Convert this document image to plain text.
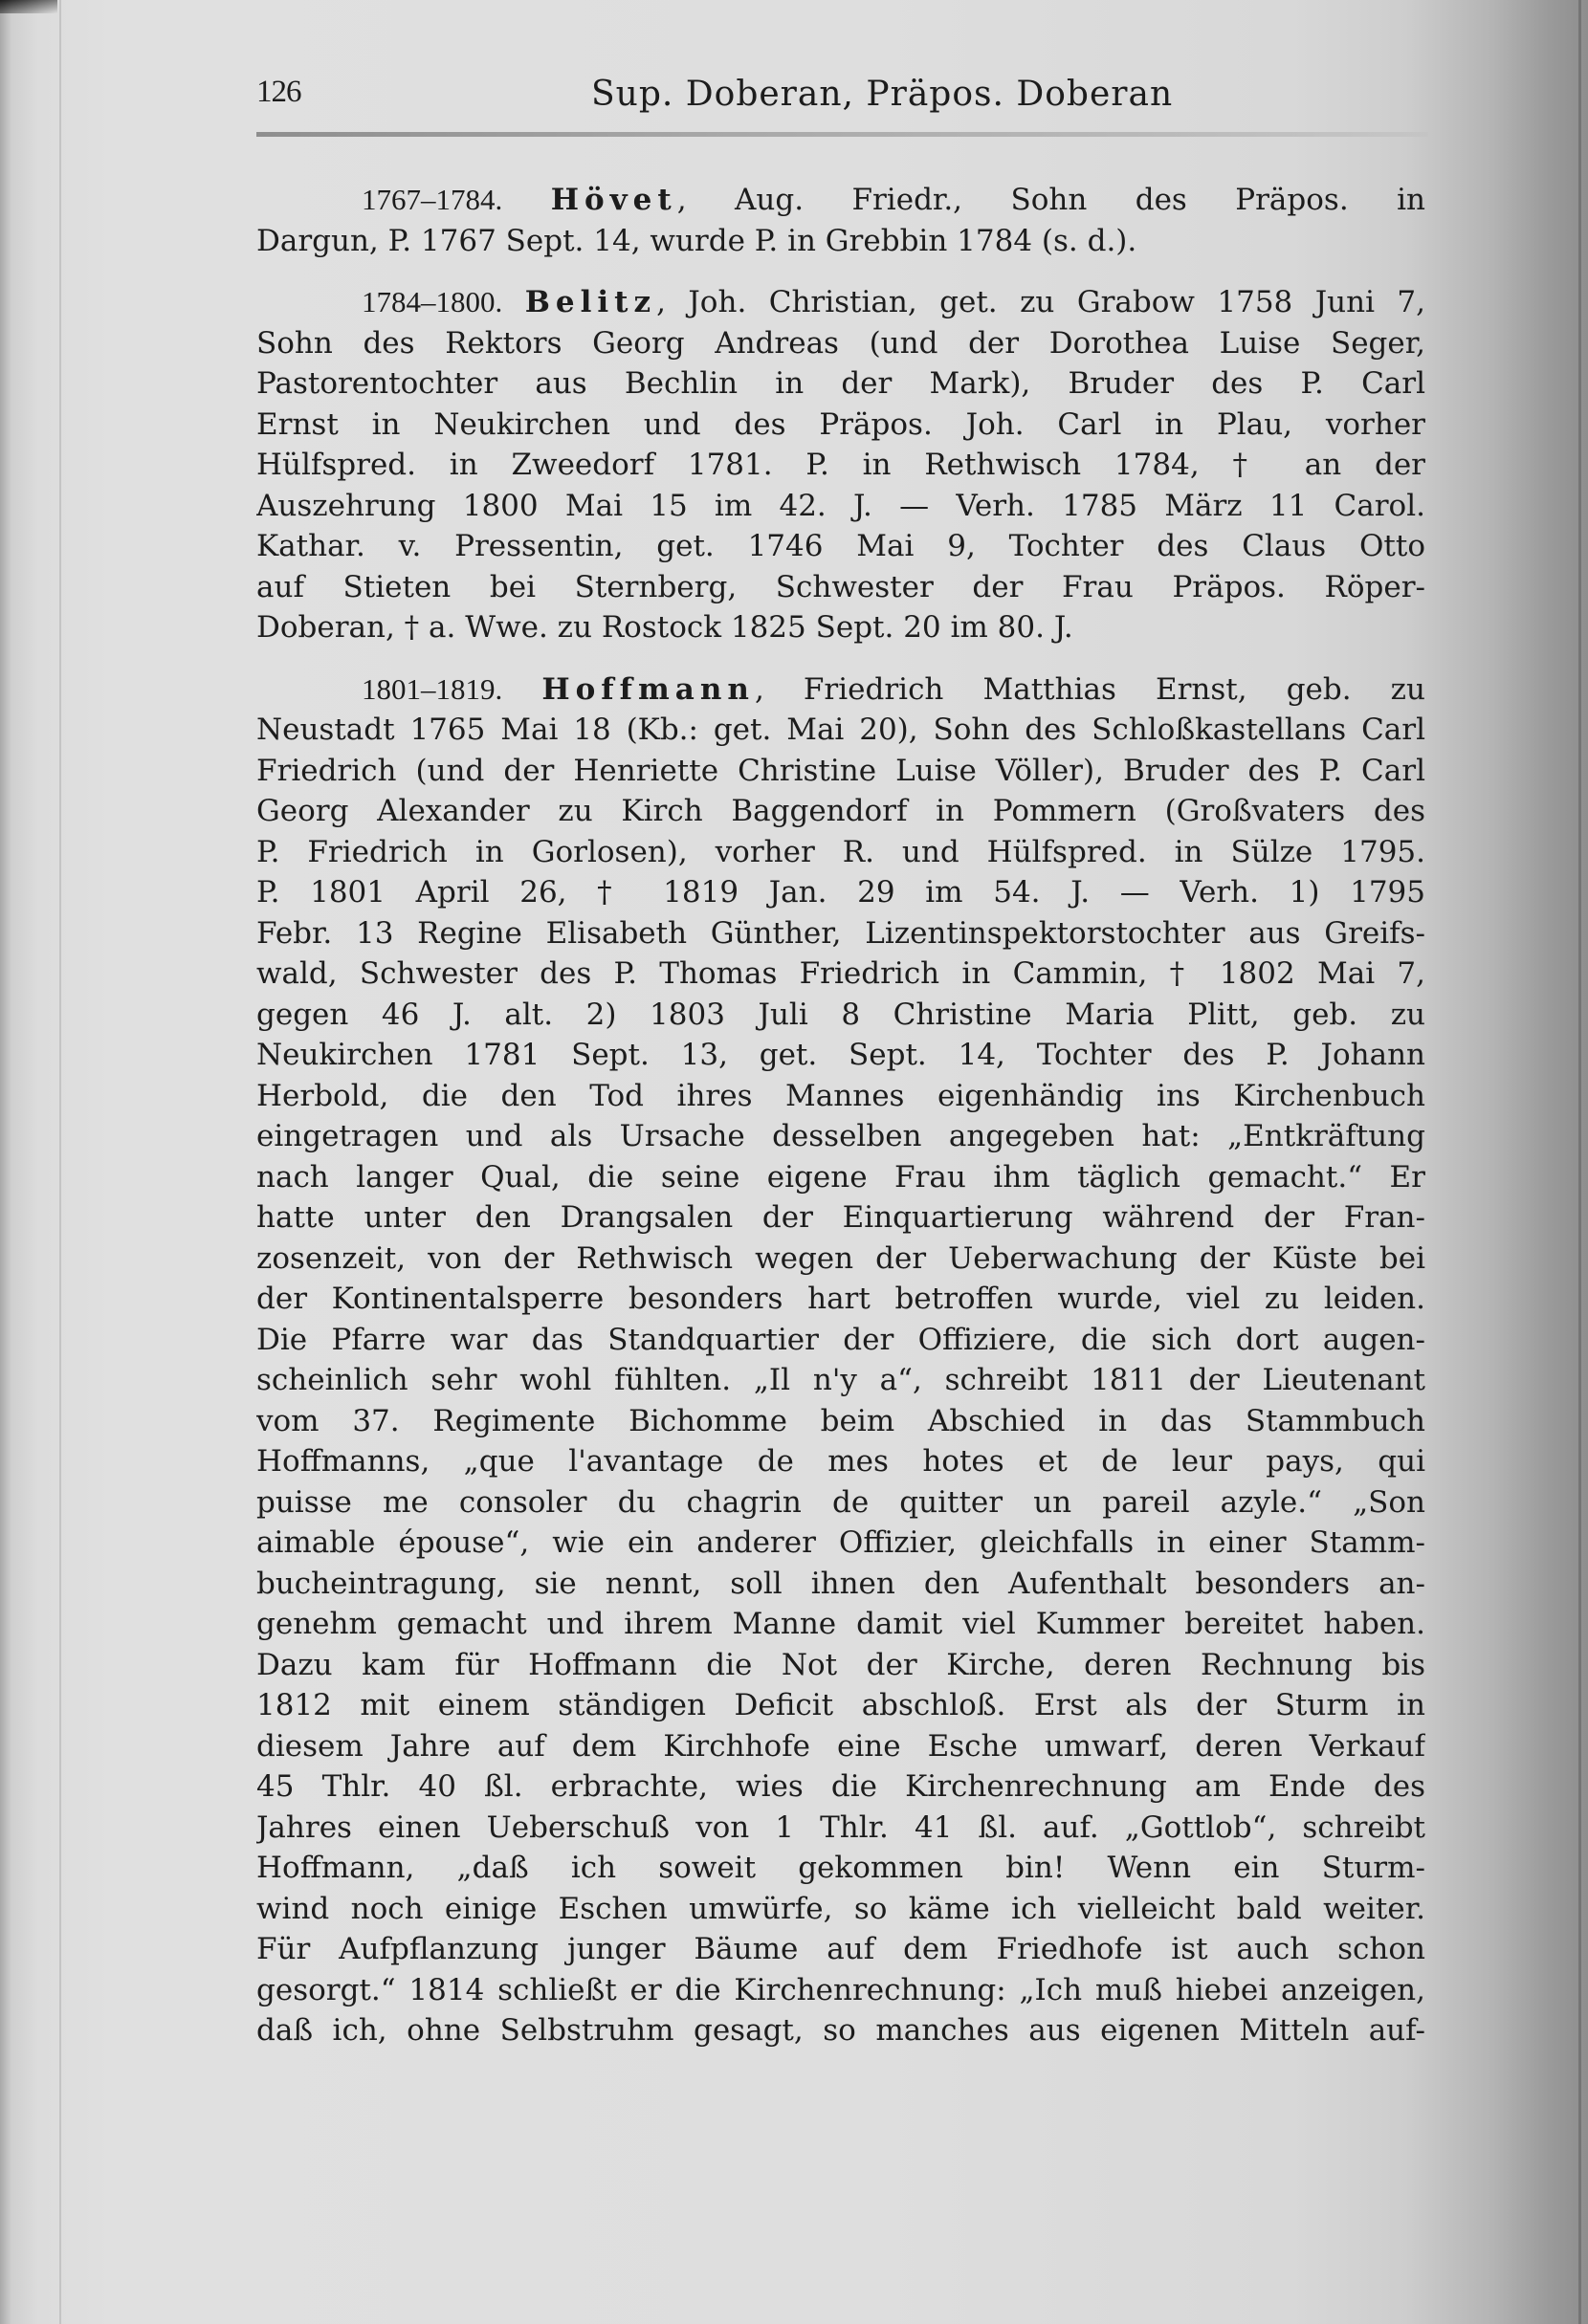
126	Sup. Doberan, Präpos. Doberan
1767–1784. Hövet, Aug. Friedr., Sohn des Präpos. in
Dargun, P. 1767 Sept. 14, wurde P. in Grebbin 1784 (s. d.).
1784–1800. Belitz, Joh. Christian, get. zu Grabow 1758 Juni 7,
Sohn des Rektors Georg Andreas (und der Dorothea Luise Seger,
Pastorentochter aus Bechlin in der Mark), Bruder des P. Carl
Ernst in Neukirchen und des Präpos. Joh. Carl in Plau, vorher
Hülfspred. in Zweedorf 1781. P. in Rethwisch 1784, † an der
Auszehrung 1800 Mai 15 im 42. J. — Verh. 1785 März 11 Carol.
Kathar. v. Pressentin, get. 1746 Mai 9, Tochter des Claus Otto
auf Stieten bei Sternberg, Schwester der Frau Präpos. Röper-
Doberan, † a. Wwe. zu Rostock 1825 Sept. 20 im 80. J.
1801–1819. Hoffmann, Friedrich Matthias Ernst, geb. zu
Neustadt 1765 Mai 18 (Kb.: get. Mai 20), Sohn des Schloßkastellans Carl
Friedrich (und der Henriette Christine Luise Völler), Bruder des P. Carl
Georg Alexander zu Kirch Baggendorf in Pommern (Großvaters des
P. Friedrich in Gorlosen), vorher R. und Hülfspred. in Sülze 1795.
P. 1801 April 26, † 1819 Jan. 29 im 54. J. — Verh. 1) 1795
Febr. 13 Regine Elisabeth Günther, Lizentinspektorstochter aus Greifs-
wald, Schwester des P. Thomas Friedrich in Cammin, † 1802 Mai 7,
gegen 46 J. alt. 2) 1803 Juli 8 Christine Maria Plitt, geb. zu
Neukirchen 1781 Sept. 13, get. Sept. 14, Tochter des P. Johann
Herbold, die den Tod ihres Mannes eigenhändig ins Kirchenbuch
eingetragen und als Ursache desselben angegeben hat: „Entkräftung
nach langer Qual, die seine eigene Frau ihm täglich gemacht.“ Er
hatte unter den Drangsalen der Einquartierung während der Fran-
zosenzeit, von der Rethwisch wegen der Ueberwachung der Küste bei
der Kontinentalsperre besonders hart betroffen wurde, viel zu leiden.
Die Pfarre war das Standquartier der Offiziere, die sich dort augen-
scheinlich sehr wohl fühlten. „Il n'y a“, schreibt 1811 der Lieutenant
vom 37. Regimente Bichomme beim Abschied in das Stammbuch
Hoffmanns, „que l'avantage de mes hotes et de leur pays, qui
puisse me consoler du chagrin de quitter un pareil azyle.“ „Son
aimable épouse“, wie ein anderer Offizier, gleichfalls in einer Stamm-
bucheintragung, sie nennt, soll ihnen den Aufenthalt besonders an-
genehm gemacht und ihrem Manne damit viel Kummer bereitet haben.
Dazu kam für Hoffmann die Not der Kirche, deren Rechnung bis
1812 mit einem ständigen Deficit abschloß. Erst als der Sturm in
diesem Jahre auf dem Kirchhofe eine Esche umwarf, deren Verkauf
45 Thlr. 40 ßl. erbrachte, wies die Kirchenrechnung am Ende des
Jahres einen Ueberschuß von 1 Thlr. 41 ßl. auf. „Gottlob“, schreibt
Hoffmann, „daß ich soweit gekommen bin! Wenn ein Sturm-
wind noch einige Eschen umwürfe, so käme ich vielleicht bald weiter.
Für Aufpflanzung junger Bäume auf dem Friedhofe ist auch schon
gesorgt.“ 1814 schließt er die Kirchenrechnung: „Ich muß hiebei anzeigen,
daß ich, ohne Selbstruhm gesagt, so manches aus eigenen Mitteln auf-
